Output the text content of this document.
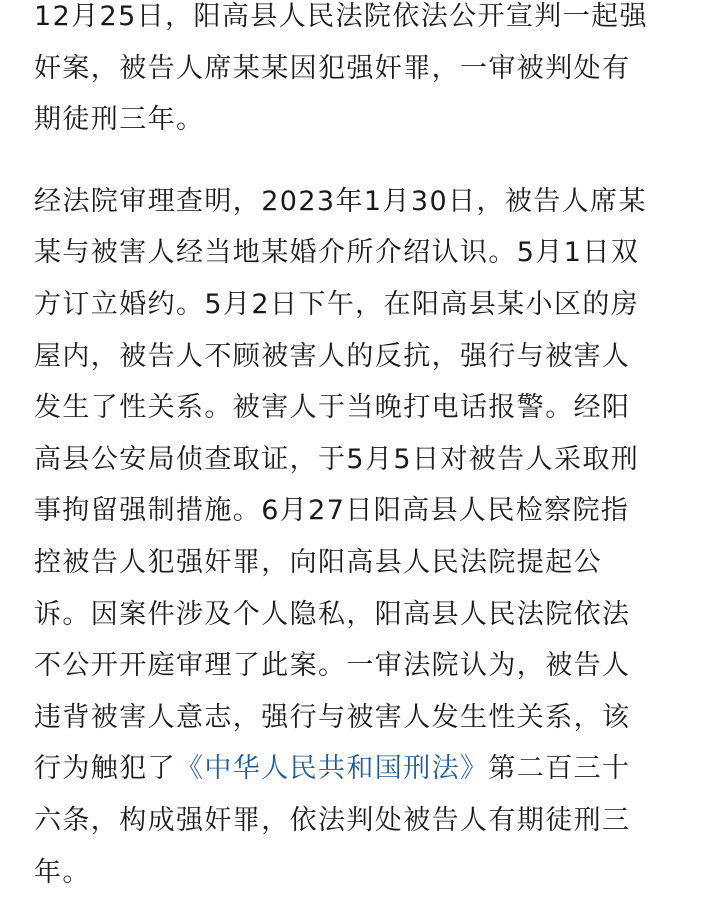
12月25日，阳高县人民法院依法公开宣判一起强奸案，被告人席某某因犯强奸罪，一审被判处有期徒刑三年。

经法院审理查明，2023年1月30日，被告人席某某与被害人经当地某婚介所介绍认识。5月1日双方订立婚约。5月2日下午，在阳高县某小区的房屋内，被告人不顾被害人的反抗，强行与被害人发生了性关系。被害人于当晚打电话报警。经阳高县公安局侦查取证，于5月5日对被告人采取刑事拘留强制措施。6月27日阳高县人民检察院指控被告人犯强奸罪，向阳高县人民法院提起公诉。因案件涉及个人隐私，阳高县人民法院依法不公开开庭审理了此案。一审法院认为，被告人违背被害人意志，强行与被害人发生性关系，该行为触犯了《中华人民共和国刑法》第二百三十六条，构成强奸罪，依法判处被告人有期徒刑三年。
